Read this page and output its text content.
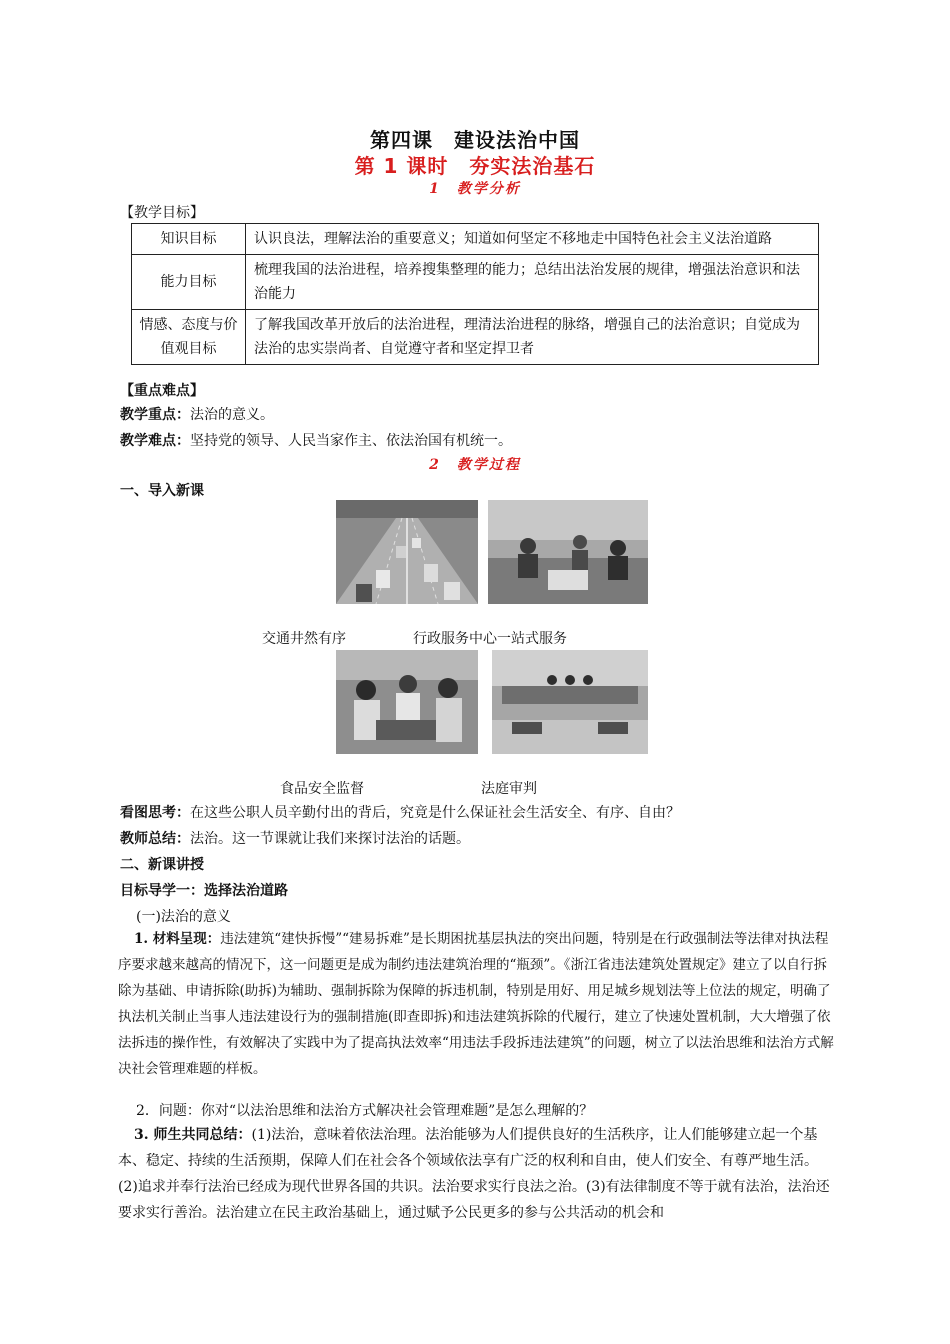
第四课　建设法治中国
第 1 课时　夯实法治基石
1　教学分析
【教学目标】
知识目标	认识良法，理解法治的重要意义；知道如何坚定不移地走中国特色社会主义法治道路
能力目标	梳理我国的法治进程，培养搜集整理的能力；总结出法治发展的规律，增强法治意识和法治能力
情感、态度与价值观目标	了解我国改革开放后的法治进程，理清法治进程的脉络，增强自己的法治意识；自觉成为法治的忠实崇尚者、自觉遵守者和坚定捍卫者
【重点难点】
教学重点：法治的意义。
教学难点：坚持党的领导、人民当家作主、依法治国有机统一。
2　教学过程
一、导入新课
交通井然有序	行政服务中心一站式服务
食品安全监督	法庭审判
看图思考：在这些公职人员辛勤付出的背后，究竟是什么保证社会生活安全、有序、自由？
教师总结：法治。这一节课就让我们来探讨法治的话题。
二、新课讲授
目标导学一：选择法治道路
(一)法治的意义
1. 材料呈现：违法建筑“建快拆慢”“建易拆难”是长期困扰基层执法的突出问题，特别是在行政强制法等法律对执法程序要求越来越高的情况下，这一问题更是成为制约违法建筑治理的“瓶颈”。《浙江省违法建筑处置规定》建立了以自行拆除为基础、申请拆除(助拆)为辅助、强制拆除为保障的拆违机制，特别是用好、用足城乡规划法等上位法的规定，明确了执法机关制止当事人违法建设行为的强制措施(即查即拆)和违法建筑拆除的代履行，建立了快速处置机制，大大增强了依法拆违的操作性，有效解决了实践中为了提高执法效率“用违法手段拆违法建筑”的问题，树立了以法治思维和法治方式解决社会管理难题的样板。
2．问题：你对“以法治思维和法治方式解决社会管理难题”是怎么理解的？
3. 师生共同总结：(1)法治，意味着依法治理。法治能够为人们提供良好的生活秩序，让人们能够建立起一个基本、稳定、持续的生活预期，保障人们在社会各个领域依法享有广泛的权利和自由，使人们安全、有尊严地生活。(2)追求并奉行法治已经成为现代世界各国的共识。法治要求实行良法之治。(3)有法律制度不等于就有法治，法治还要求实行善治。法治建立在民主政治基础上，通过赋予公民更多的参与公共活动的机会和
